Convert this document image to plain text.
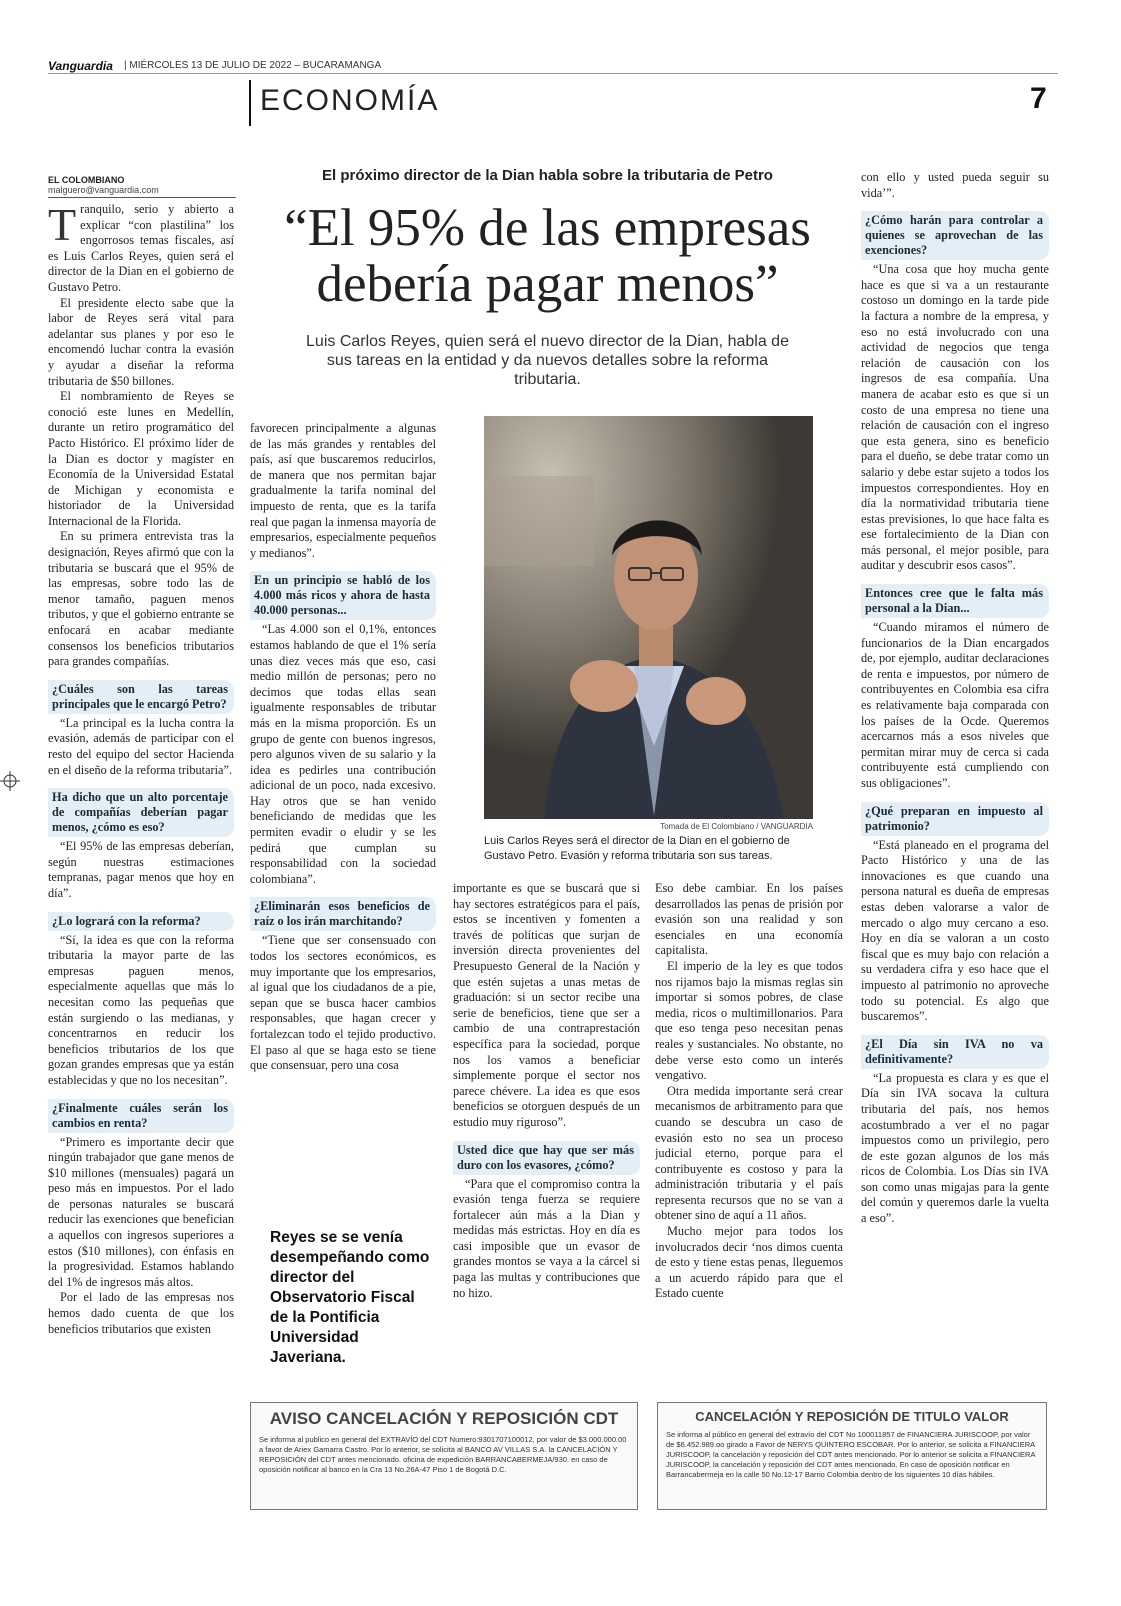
Vanguardia | MIÉRCOLES 13 DE JULIO DE 2022 – BUCARAMANGA
ECONOMÍA	7
EL COLOMBIANO
malguero@vanguardia.com
El próximo director de la Dian habla sobre la tributaria de Petro
“El 95% de las empresas debería pagar menos”
Luis Carlos Reyes, quien será el nuevo director de la Dian, habla de sus tareas en la entidad y da nuevos detalles sobre la reforma tributaria.

Tranquilo, serio y abierto a explicar “con plastilina” los engorrosos temas fiscales, así es Luis Carlos Reyes, quien será el director de la Dian en el gobierno de Gustavo Petro.

El presidente electo sabe que la labor de Reyes será vital para adelantar sus planes y por eso le encomendó luchar contra la evasión y ayudar a diseñar la reforma tributaria de $50 billones.

El nombramiento de Reyes se conoció este lunes en Medellín, durante un retiro programático del Pacto Histórico. El próximo líder de la Dian es doctor y magíster en Economía de la Universidad Estatal de Michigan y economista e historiador de la Universidad Internacional de la Florida.

En su primera entrevista tras la designación, Reyes afirmó que con la tributaria se buscará que el 95% de las empresas, sobre todo las de menor tamaño, paguen menos tributos, y que el gobierno entrante se enfocará en acabar mediante consensos los beneficios tributarios para grandes compañías.

¿Cuáles son las tareas principales que le encargó Petro?

“La principal es la lucha contra la evasión, además de participar con el resto del equipo del sector Hacienda en el diseño de la reforma tributaria”.

Ha dicho que un alto porcentaje de compañías deberían pagar menos, ¿cómo es eso?

“El 95% de las empresas deberían, según nuestras estimaciones tempranas, pagar menos que hoy en día”.

¿Lo logrará con la reforma?

“Sí, la idea es que con la reforma tributaria la mayor parte de las empresas paguen menos, especialmente aquellas que más lo necesitan como las pequeñas que están surgiendo o las medianas, y concentrarnos en reducir los beneficios tributarios de los que gozan grandes empresas que ya están establecidas y que no los necesitan”.

¿Finalmente cuáles serán los cambios en renta?

“Primero es importante decir que ningún trabajador que gane menos de $10 millones (mensuales) pagará un peso más en impuestos. Por el lado de personas naturales se buscará reducir las exenciones que benefician a aquellos con ingresos superiores a estos ($10 millones), con énfasis en la progresividad. Estamos hablando del 1% de ingresos más altos.

Por el lado de las empresas nos hemos dado cuenta de que los beneficios tributarios que existen

favorecen principalmente a algunas de las más grandes y rentables del país, así que buscaremos reducirlos, de manera que nos permitan bajar gradualmente la tarifa nominal del impuesto de renta, que es la tarifa real que pagan la inmensa mayoría de empresarios, especialmente pequeños y medianos”.

En un principio se habló de los 4.000 más ricos y ahora de hasta 40.000 personas...

“Las 4.000 son el 0,1%, entonces estamos hablando de que el 1% sería unas diez veces más que eso, casi medio millón de personas; pero no decimos que todas ellas sean igualmente responsables de tributar más en la misma proporción. Es un grupo de gente con buenos ingresos, pero algunos viven de su salario y la idea es pedirles una contribución adicional de un poco, nada excesivo. Hay otros que se han venido beneficiando de medidas que les permiten evadir o eludir y se les pedirá que cumplan su responsabilidad con la sociedad colombiana”.

¿Eliminarán esos beneficios de raíz o los irán marchitando?

“Tiene que ser consensuado con todos los sectores económicos, es muy importante que los empresarios, al igual que los ciudadanos de a pie, sepan que se busca hacer cambios responsables, que hagan crecer y fortalezcan todo el tejido productivo. El paso al que se haga esto se tiene que consensuar, pero una cosa

Reyes se se venía desempeñando como director del Observatorio Fiscal de la Pontificia Universidad Javeriana.
Tomada de El Colombiano / VANGUARDIA
Luis Carlos Reyes será el director de la Dian en el gobierno de Gustavo Petro. Evasión y reforma tributaria son sus tareas.

importante es que se buscará que si hay sectores estratégicos para el país, estos se incentiven y fomenten a través de políticas que surjan de inversión directa provenientes del Presupuesto General de la Nación y que estén sujetas a unas metas de graduación: si un sector recibe una serie de beneficios, tiene que ser a cambio de una contraprestación específica para la sociedad, porque nos los vamos a beneficiar simplemente porque el sector nos parece chévere. La idea es que esos beneficios se otorguen después de un estudio muy riguroso”.

Usted dice que hay que ser más duro con los evasores, ¿cómo?

“Para que el compromiso contra la evasión tenga fuerza se requiere fortalecer aún más a la Dian y medidas más estrictas. Hoy en día es casi imposible que un evasor de grandes montos se vaya a la cárcel si paga las multas y contribuciones que no hizo.

Eso debe cambiar. En los países desarrollados las penas de prisión por evasión son una realidad y son esenciales en una economía capitalista.

El imperio de la ley es que todos nos rijamos bajo la mismas reglas sin importar si somos pobres, de clase media, ricos o multimillonarios. Para que eso tenga peso necesitan penas reales y sustanciales. No obstante, no debe verse esto como un interés vengativo.

Otra medida importante será crear mecanismos de arbitramento para que cuando se descubra un caso de evasión esto no sea un proceso judicial eterno, porque para el contribuyente es costoso y para la administración tributaria y el país representa recursos que no se van a obtener sino de aquí a 11 años.

Mucho mejor para todos los involucrados decir ‘nos dimos cuenta de esto y tiene estas penas, lleguemos a un acuerdo rápido para que el Estado cuente

con ello y usted pueda seguir su vida’”.

¿Cómo harán para controlar a quienes se aprovechan de las exenciones?

“Una cosa que hoy mucha gente hace es que si va a un restaurante costoso un domingo en la tarde pide la factura a nombre de la empresa, y eso no está involucrado con una actividad de negocios que tenga relación de causación con los ingresos de esa compañía. Una manera de acabar esto es que si un costo de una empresa no tiene una relación de causación con el ingreso que esta genera, sino es beneficio para el dueño, se debe tratar como un salario y debe estar sujeto a todos los impuestos correspondientes. Hoy en día la normatividad tributaria tiene estas previsiones, lo que hace falta es ese fortalecimiento de la Dian con más personal, el mejor posible, para auditar y descubrir esos casos”.

Entonces cree que le falta más personal a la Dian...

“Cuando miramos el número de funcionarios de la Dian encargados de, por ejemplo, auditar declaraciones de renta e impuestos, por número de contribuyentes en Colombia esa cifra es relativamente baja comparada con los países de la Ocde. Queremos acercarnos más a esos niveles que permitan mirar muy de cerca si cada contribuyente está cumpliendo con sus obligaciones”.

¿Qué preparan en impuesto al patrimonio?

“Está planeado en el programa del Pacto Histórico y una de las innovaciones es que cuando una persona natural es dueña de empresas estas deben valorarse a valor de mercado o algo muy cercano a eso. Hoy en día se valoran a un costo fiscal que es muy bajo con relación a su verdadera cifra y eso hace que el impuesto al patrimonio no aproveche todo su potencial. Es algo que buscaremos”.

¿El Día sin IVA no va definitivamente?

“La propuesta es clara y es que el Día sin IVA socava la cultura tributaria del país, nos hemos acostumbrado a ver el no pagar impuestos como un privilegio, pero de este gozan algunos de los más ricos de Colombia. Los Días sin IVA son como unas migajas para la gente del común y queremos darle la vuelta a eso”.

AVISO CANCELACIÓN Y REPOSICIÓN CDT
Se informa al publico en general del EXTRAVÍO del CDT Numero:9301707100012, por valor de $3.000.000.00 a favor de Ariex Gamarra Castro. Por lo anterior, se solicita al BANCO AV VILLAS S.A. la CANCELACIÓN Y REPOSICIÓN del CDT antes mencionado. oficina de expedición BARRANCABERMEJA/930. en caso de oposición notificar al banco en la Cra 13 No.26A-47 Piso 1 de Bogotá D.C.
CANCELACIÓN Y REPOSICIÓN DE TITULO VALOR
Se informa al público en general del extravío del CDT No 100011857 de FINANCIERA JURISCOOP, por valor de $6.452.989.oo girado a Favor de NERYS QUINTERO ESCOBAR. Por lo anterior, se solicita a FINANCIERA JURISCOOP, la cancelación y reposición del CDT antes mencionado. Por lo anterior se solicita a FINANCIERA JURISCOOP, la cancelación y reposición del CDT antes mencionado. En caso de oposición notificar en Barrancabermeja en la calle 50 No.12-17 Barrio Colombia dentro de los siguientes 10 días hábiles.
